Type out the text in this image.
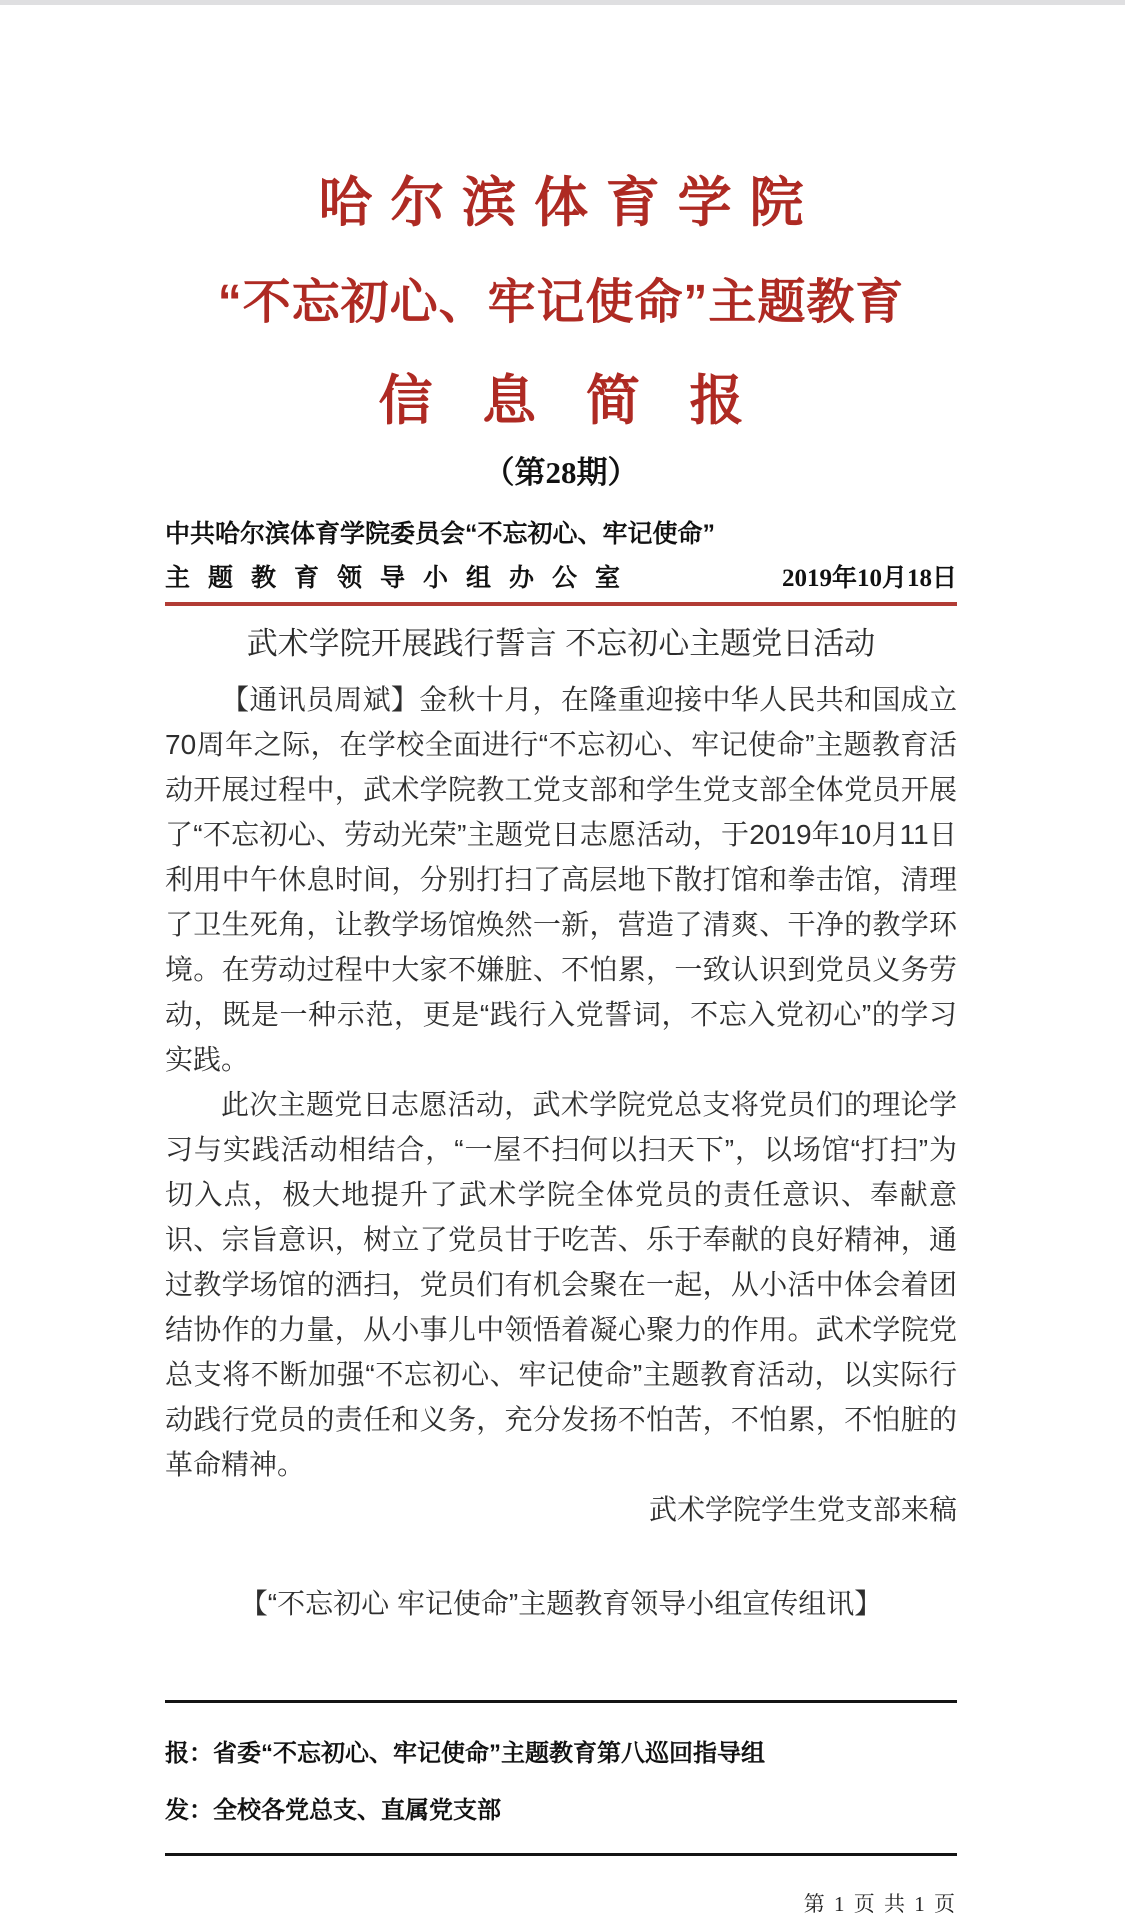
哈尔滨体育学院
“不忘初心、牢记使命”主题教育
信息简报
（第28期）
中共哈尔滨体育学院委员会“不忘初心、牢记使命”
主题教育领导小组办公室	2019年10月18日
武术学院开展践行誓言 不忘初心主题党日活动

【通讯员周斌】金秋十月，在隆重迎接中华人民共和国成立70周年之际，在学校全面进行“不忘初心、牢记使命”主题教育活动开展过程中，武术学院教工党支部和学生党支部全体党员开展了“不忘初心、劳动光荣”主题党日志愿活动，于2019年10月11日利用中午休息时间，分别打扫了高层地下散打馆和拳击馆，清理了卫生死角，让教学场馆焕然一新，营造了清爽、干净的教学环境。在劳动过程中大家不嫌脏、不怕累，一致认识到党员义务劳动，既是一种示范，更是“践行入党誓词，不忘入党初心”的学习实践。

此次主题党日志愿活动，武术学院党总支将党员们的理论学习与实践活动相结合，“一屋不扫何以扫天下”，以场馆“打扫”为切入点，极大地提升了武术学院全体党员的责任意识、奉献意识、宗旨意识，树立了党员甘于吃苦、乐于奉献的良好精神，通过教学场馆的洒扫，党员们有机会聚在一起，从小活中体会着团结协作的力量，从小事儿中领悟着凝心聚力的作用。武术学院党总支将不断加强“不忘初心、牢记使命”主题教育活动，以实际行动践行党员的责任和义务，充分发扬不怕苦，不怕累，不怕脏的革命精神。

武术学院学生党支部来稿
【“不忘初心 牢记使命”主题教育领导小组宣传组讯】
报：省委“不忘初心、牢记使命”主题教育第八巡回指导组
发：全校各党总支、直属党支部
第 1 页 共 1 页
